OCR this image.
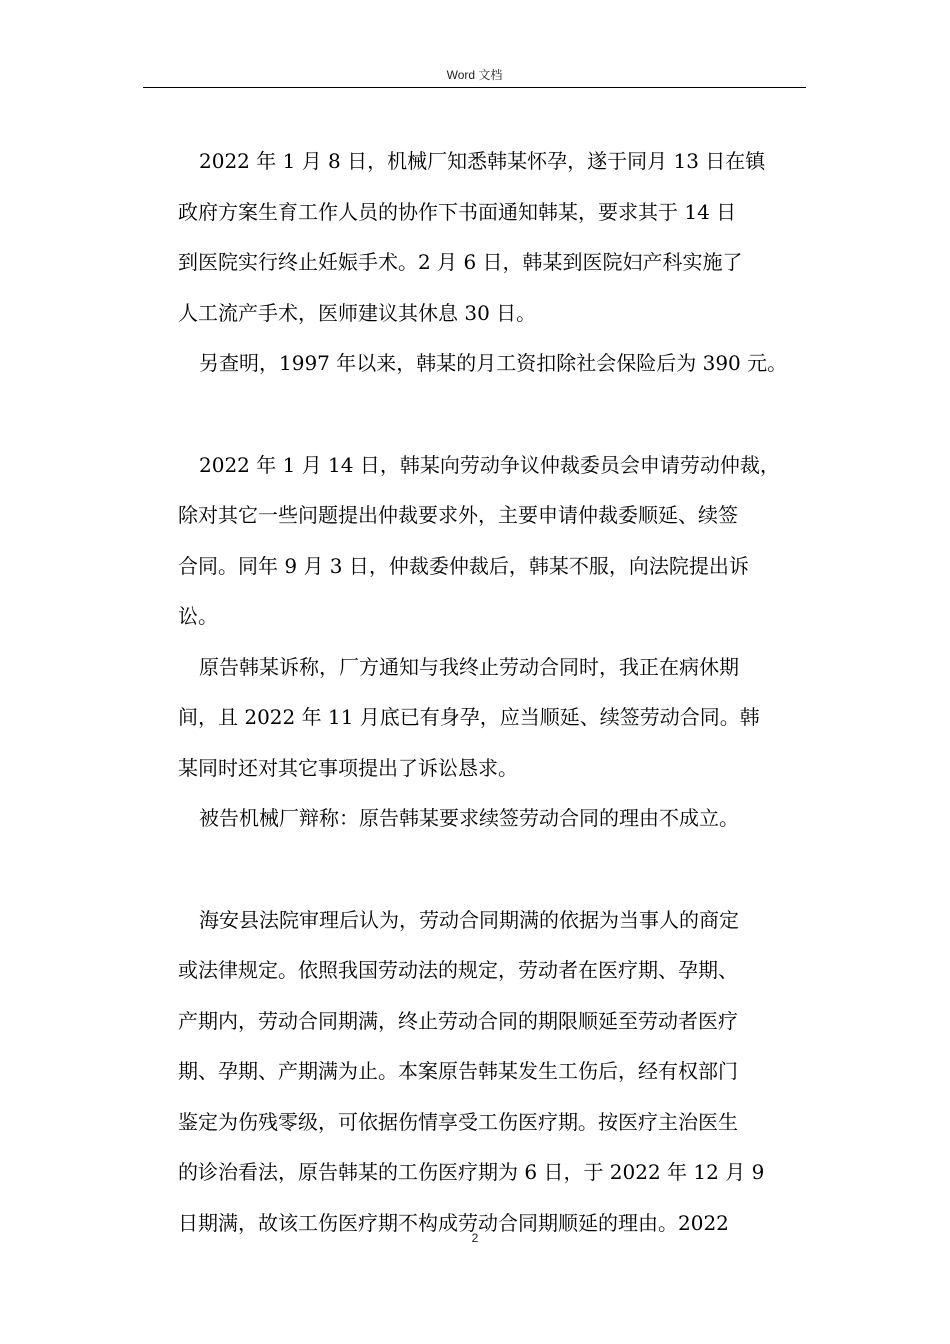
Word 文档

2022 年 1 月 8 日，机械厂知悉韩某怀孕，遂于同月 13 日在镇
政府方案生育工作人员的协作下书面通知韩某，要求其于 14 日
到医院实行终止妊娠手术。2 月 6 日，韩某到医院妇产科实施了
人工流产手术，医师建议其休息 30 日。

另查明，1997 年以来，韩某的月工资扣除社会保险后为 390 元。

2022 年 1 月 14 日，韩某向劳动争议仲裁委员会申请劳动仲裁，
除对其它一些问题提出仲裁要求外，主要申请仲裁委顺延、续签
合同。同年 9 月 3 日，仲裁委仲裁后，韩某不服，向法院提出诉
讼。

原告韩某诉称，厂方通知与我终止劳动合同时，我正在病休期
间，且 2022 年 11 月底已有身孕，应当顺延、续签劳动合同。韩
某同时还对其它事项提出了诉讼恳求。

被告机械厂辩称：原告韩某要求续签劳动合同的理由不成立。

海安县法院审理后认为，劳动合同期满的依据为当事人的商定
或法律规定。依照我国劳动法的规定，劳动者在医疗期、孕期、
产期内，劳动合同期满，终止劳动合同的期限顺延至劳动者医疗
期、孕期、产期满为止。本案原告韩某发生工伤后，经有权部门
鉴定为伤残零级，可依据伤情享受工伤医疗期。按医疗主治医生
的诊治看法，原告韩某的工伤医疗期为 6 日，于 2022 年 12 月 9
日期满，故该工伤医疗期不构成劳动合同期顺延的理由。2022

2
